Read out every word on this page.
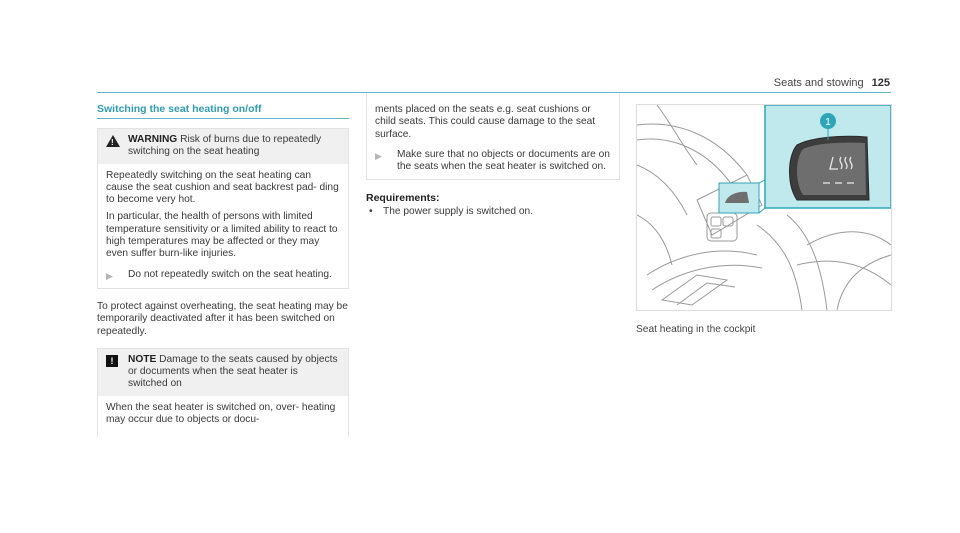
Seats and stowing 125
Switching the seat heating on/off
! WARNING Risk of burns due to repeatedly switching on the seat heating

Repeatedly switching on the seat heating can cause the seat cushion and seat backrest pad- ding to become very hot.

In particular, the health of persons with limited temperature sensitivity or a limited ability to react to high temperatures may be affected or they may even suffer burn-like injuries.

▶	Do not repeatedly switch on the seat heating.
To protect against overheating, the seat heating may be temporarily deactivated after it has been switched on repeatedly.
!	NOTE Damage to the seats caused by objects or documents when the seat heater is switched on

When the seat heater is switched on, over- heating may occur due to objects or docu-

ments placed on the seats e.g. seat cushions or child seats. This could cause damage to the seat surface.

▶	Make sure that no objects or documents are on the seats when the seat heater is switched on.
Requirements:
•	The power supply is switched on.
1
Seat heating in the cockpit
